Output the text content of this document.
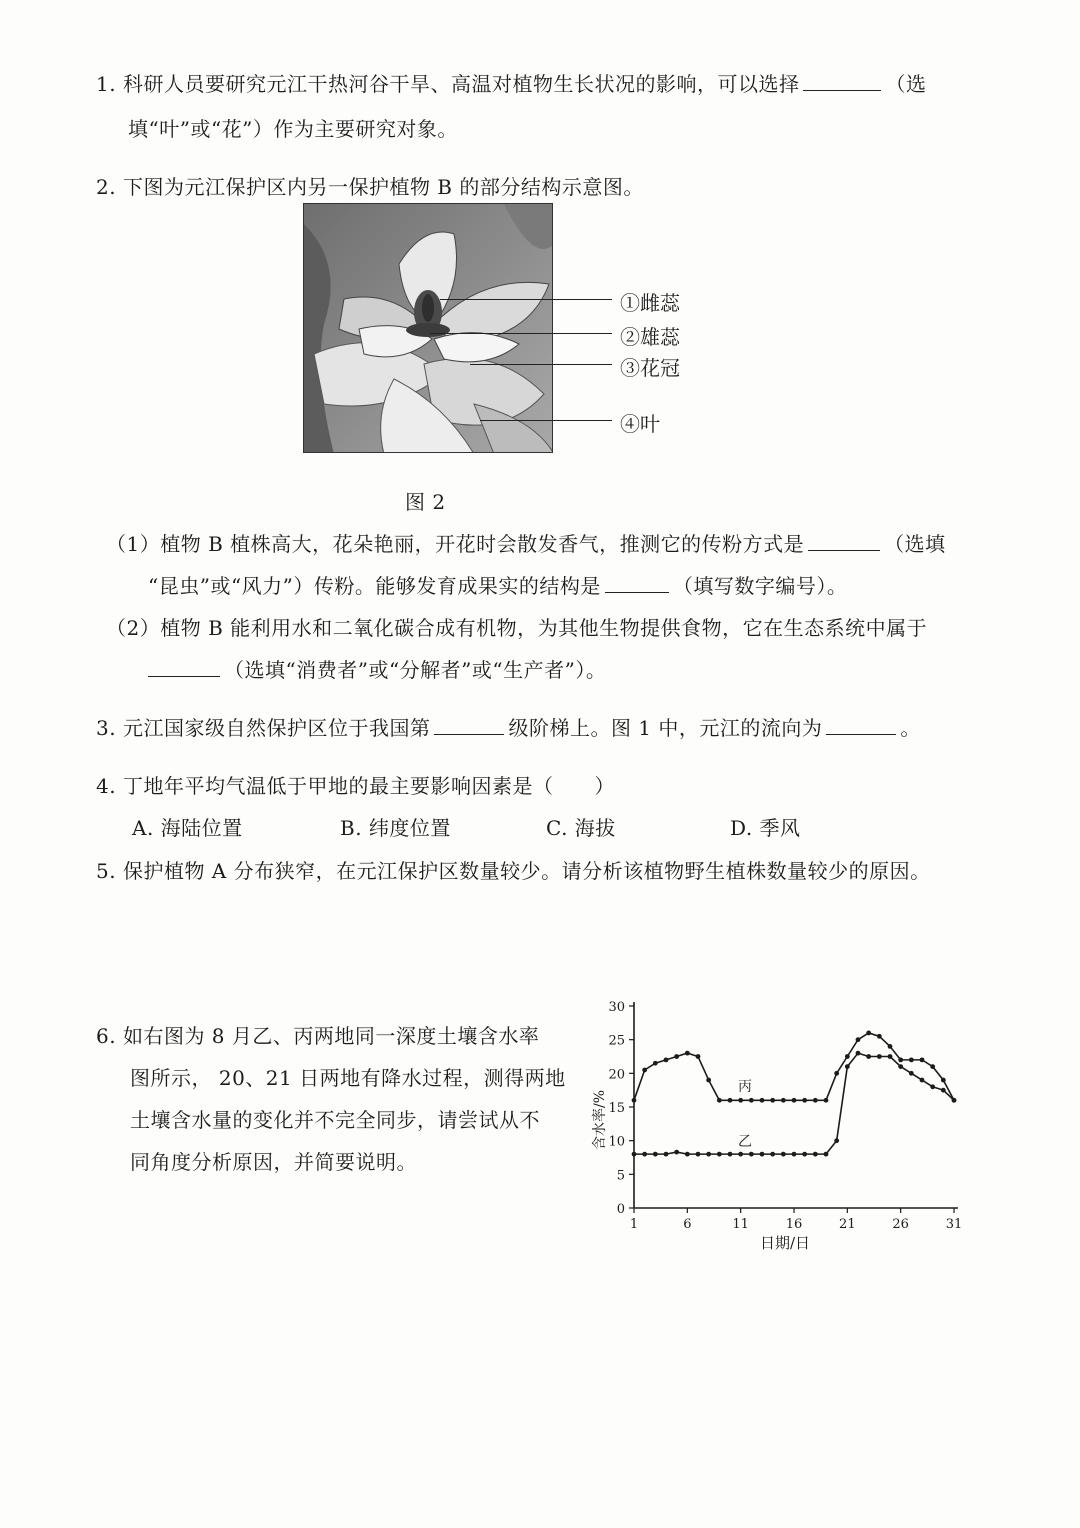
1. 科研人员要研究元江干热河谷干旱、高温对植物生长状况的影响，可以选择	（选
填“叶”或“花”）作为主要研究对象。
2. 下图为元江保护区内另一保护植物 B 的部分结构示意图。
①雌蕊
②雄蕊
③花冠
④叶
图 2
（1）植物 B 植株高大，花朵艳丽，开花时会散发香气，推测它的传粉方式是	（选填
“昆虫”或“风力”）传粉。能够发育成果实的结构是	（填写数字编号）。
（2）植物 B 能利用水和二氧化碳合成有机物，为其他生物提供食物，它在生态系统中属于
（选填“消费者”或“分解者”或“生产者”）。
3. 元江国家级自然保护区位于我国第	级阶梯上。图 1 中，元江的流向为	。
4. 丁地年平均气温低于甲地的最主要影响因素是（　　）
A. 海陆位置	B. 纬度位置	C. 海拔	D. 季风
5. 保护植物 A 分布狭窄，在元江保护区数量较少。请分析该植物野生植株数量较少的原因。
6. 如右图为 8 月乙、丙两地同一深度土壤含水率
图所示， 20、21 日两地有降水过程，测得两地
土壤含水量的变化并不完全同步，请尝试从不
同角度分析原因，并简要说明。
0
5
10
15
20
25
30
1	6	11	16	21	26	31
日期/日
含水率/%
丙
乙
